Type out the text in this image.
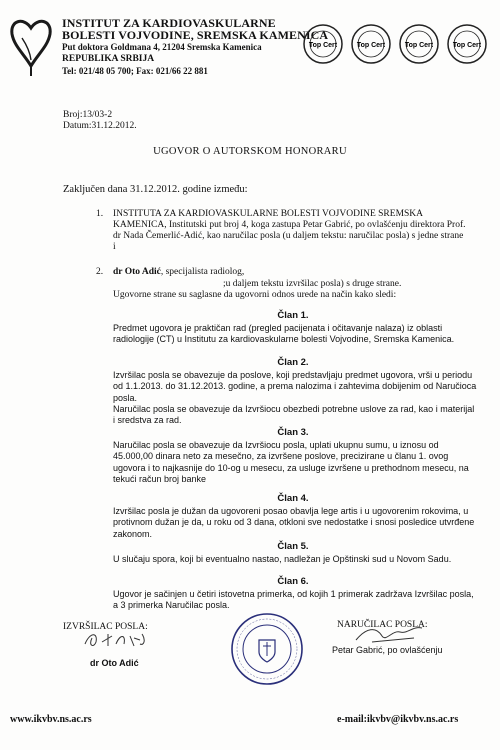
INSTITUT ZA KARDIOVASKULARNE
BOLESTI VOJVODINE, SREMSKA KAMENICA
Put doktora Goldmana 4, 21204 Sremska Kamenica
REPUBLIKA SRBIJA
Tel: 021/48 05 700; Fax: 021/66 22 881
Top Cert	Top Cert	Top Cert	Top Cert
Broj:13/03-2
Datum:31.12.2012.
UGOVOR O AUTORSKOM HONORARU
Zaključen dana 31.12.2012. godine između:
1. INSTITUTA ZA KARDIOVASKULARNE BOLESTI VOJVODINE SREMSKA KAMENICA, Institutski put broj 4, koga zastupa Petar Gabrić, po ovlašćenju direktora Prof. dr Nada Čemerlić-Adić, kao naručilac posla (u daljem tekstu: naručilac posla) s jedne strane i
2. dr Oto Adić, specijalista radiolog,
;u daljem tekstu izvršilac posla) s druge strane.
Ugovorne strane su saglasne da ugovorni odnos urede na način kako sledi:
Član 1.
Predmet ugovora je praktičan rad (pregled pacijenata i očitavanje nalaza) iz oblasti radiologije (CT) u Institutu za kardiovaskularne bolesti Vojvodine, Sremska Kamenica.
Član 2.
Izvršilac posla se obavezuje da poslove, koji predstavljaju predmet ugovora, vrši u periodu od 1.1.2013. do 31.12.2013. godine, a prema nalozima i zahtevima dobijenim od Naručioca posla.
Naručilac posla se obavezuje da Izvršiocu obezbedi potrebne uslove za rad, kao i materijal i sredstva za rad.
Član 3.
Naručilac posla se obavezuje da Izvršiocu posla, uplati ukupnu sumu, u iznosu od 45.000,00 dinara neto za mesečno, za izvršene poslove, precizirane u članu 1. ovog ugovora i to najkasnije do 10-og u mesecu, za usluge izvršene u prethodnom mesecu, na tekući račun broj banke
Član 4.
Izvršilac posla je dužan da ugovoreni posao obavlja lege artis i u ugovorenim rokovima, u protivnom dužan je da, u roku od 3 dana, otkloni sve nedostatke i snosi posledice utvrđene zakonom.
Član 5.
U slučaju spora, koji bi eventualno nastao, nadležan je Opštinski sud u Novom Sadu.
Član 6.
Ugovor je sačinjen u četiri istovetna primerka, od kojih 1 primerak zadržava Izvršilac posla, a 3 primerka Naručilac posla.
IZVRŠILAC POSLA:
dr Oto Adić
NARUČILAC POSLA:
Petar Gabrić, po ovlašćenju
www.ikvbv.ns.ac.rs	e-mail:ikvbv@ikvbv.ns.ac.rs
